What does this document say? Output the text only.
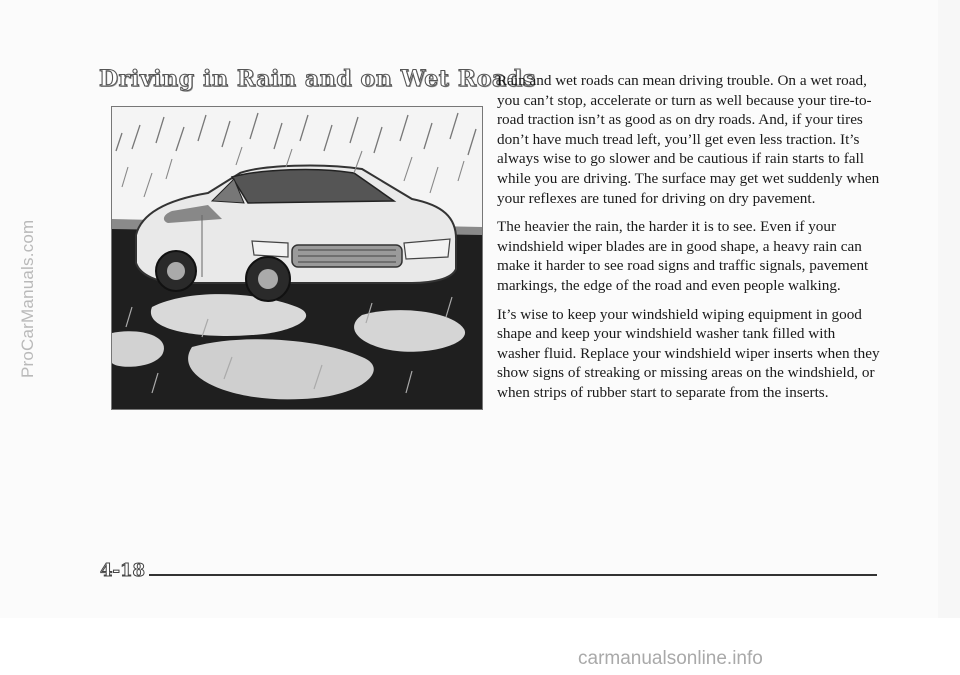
Driving in Rain and on Wet Roads

Rain and wet roads can mean driving trouble. On a wet road, you can’t stop, accelerate or turn as well because your tire-to-road traction isn’t as good as on dry roads. And, if your tires don’t have much tread left, you’ll get even less traction. It’s always wise to go slower and be cautious if rain starts to fall while you are driving. The surface may get wet suddenly when your reflexes are tuned for driving on dry pavement.

The heavier the rain, the harder it is to see. Even if your windshield wiper blades are in good shape, a heavy rain can make it harder to see road signs and traffic signals, pavement markings, the edge of the road and even people walking.

It’s wise to keep your windshield wiping equipment in good shape and keep your windshield washer tank filled with washer fluid. Replace your windshield wiper inserts when they show signs of streaking or missing areas on the windshield, or when strips of rubber start to separate from the inserts.

4-18
ProCarManuals.com
carmanualsonline.info
